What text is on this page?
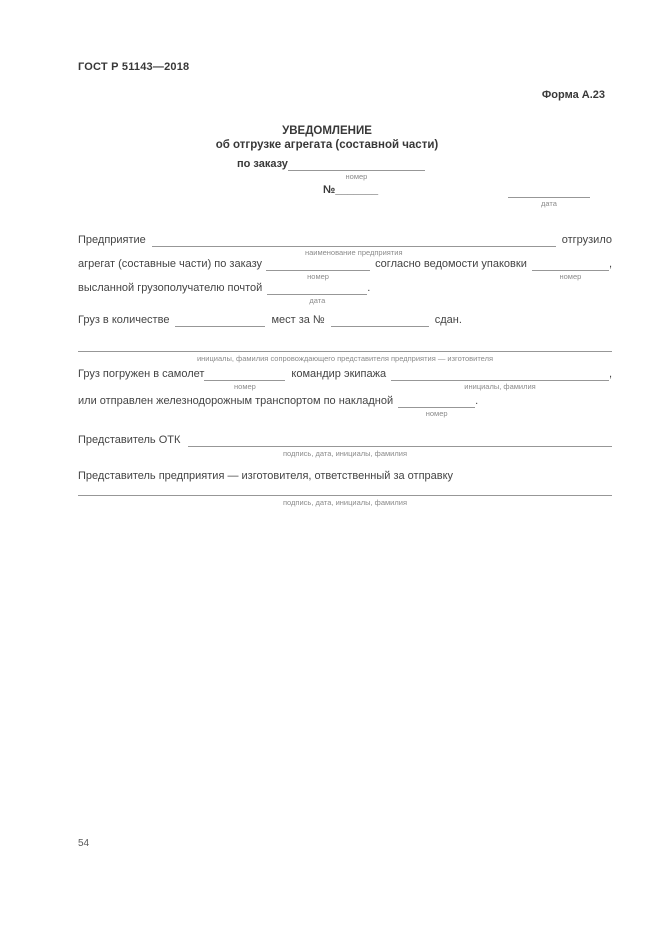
ГОСТ Р 51143—2018
Форма А.23
УВЕДОМЛЕНИЕ
об отгрузке агрегата (составной части)
по заказу
номер
№_______
дата
Предприятие
наименование предприятия
отгрузило
агрегат (составные части) по заказу
номер
согласно ведомости упаковки
номер
,
высланной грузополучателю почтой
дата
.
Груз в количестве	мест за №	сдан.
инициалы, фамилия сопровождающего представителя предприятия — изготовителя
Груз погружен в самолет
номер
командир экипажа
инициалы, фамилия
,
или отправлен железнодорожным транспортом по накладной
номер
.
Представитель ОТК
подпись, дата, инициалы, фамилия
Представитель предприятия — изготовителя, ответственный за отправку
подпись, дата, инициалы, фамилия
54
